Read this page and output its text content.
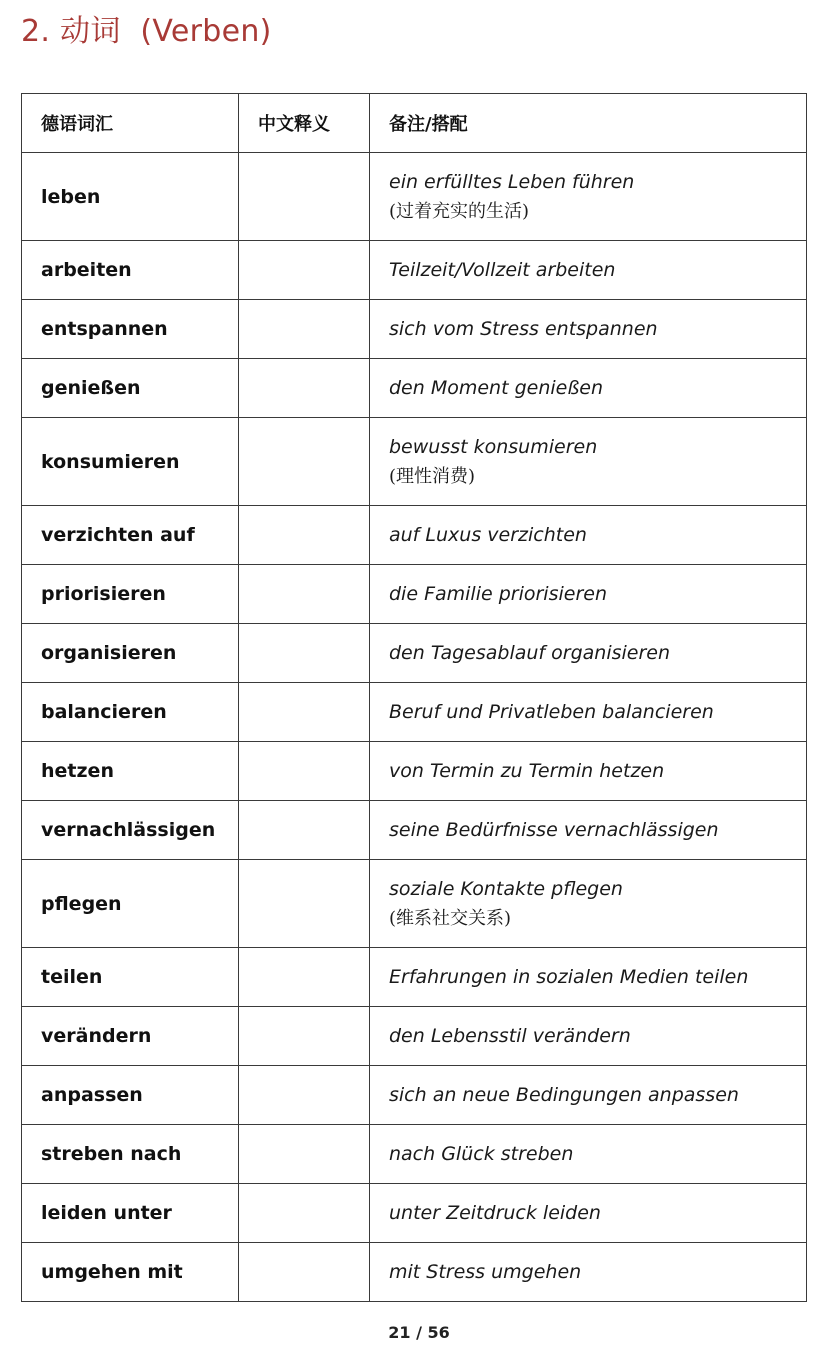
2. 动词  (Verben)
德语词汇	中文释义	备注/搭配
leben		ein erfülltes Leben führen
(过着充实的生活)

arbeiten		Teilzeit/Vollzeit arbeiten
entspannen		sich vom Stress entspannen
genießen		den Moment genießen
konsumieren		bewusst konsumieren
(理性消费)

verzichten auf		auf Luxus verzichten
priorisieren		die Familie priorisieren
organisieren		den Tagesablauf organisieren
balancieren		Beruf und Privatleben balancieren
hetzen		von Termin zu Termin hetzen
vernachlässigen		seine Bedürfnisse vernachlässigen
pflegen		soziale Kontakte pflegen
(维系社交关系)

teilen		Erfahrungen in sozialen Medien teilen
verändern		den Lebensstil verändern
anpassen		sich an neue Bedingungen anpassen
streben nach		nach Glück streben
leiden unter		unter Zeitdruck leiden
umgehen mit		mit Stress umgehen
21 / 56
